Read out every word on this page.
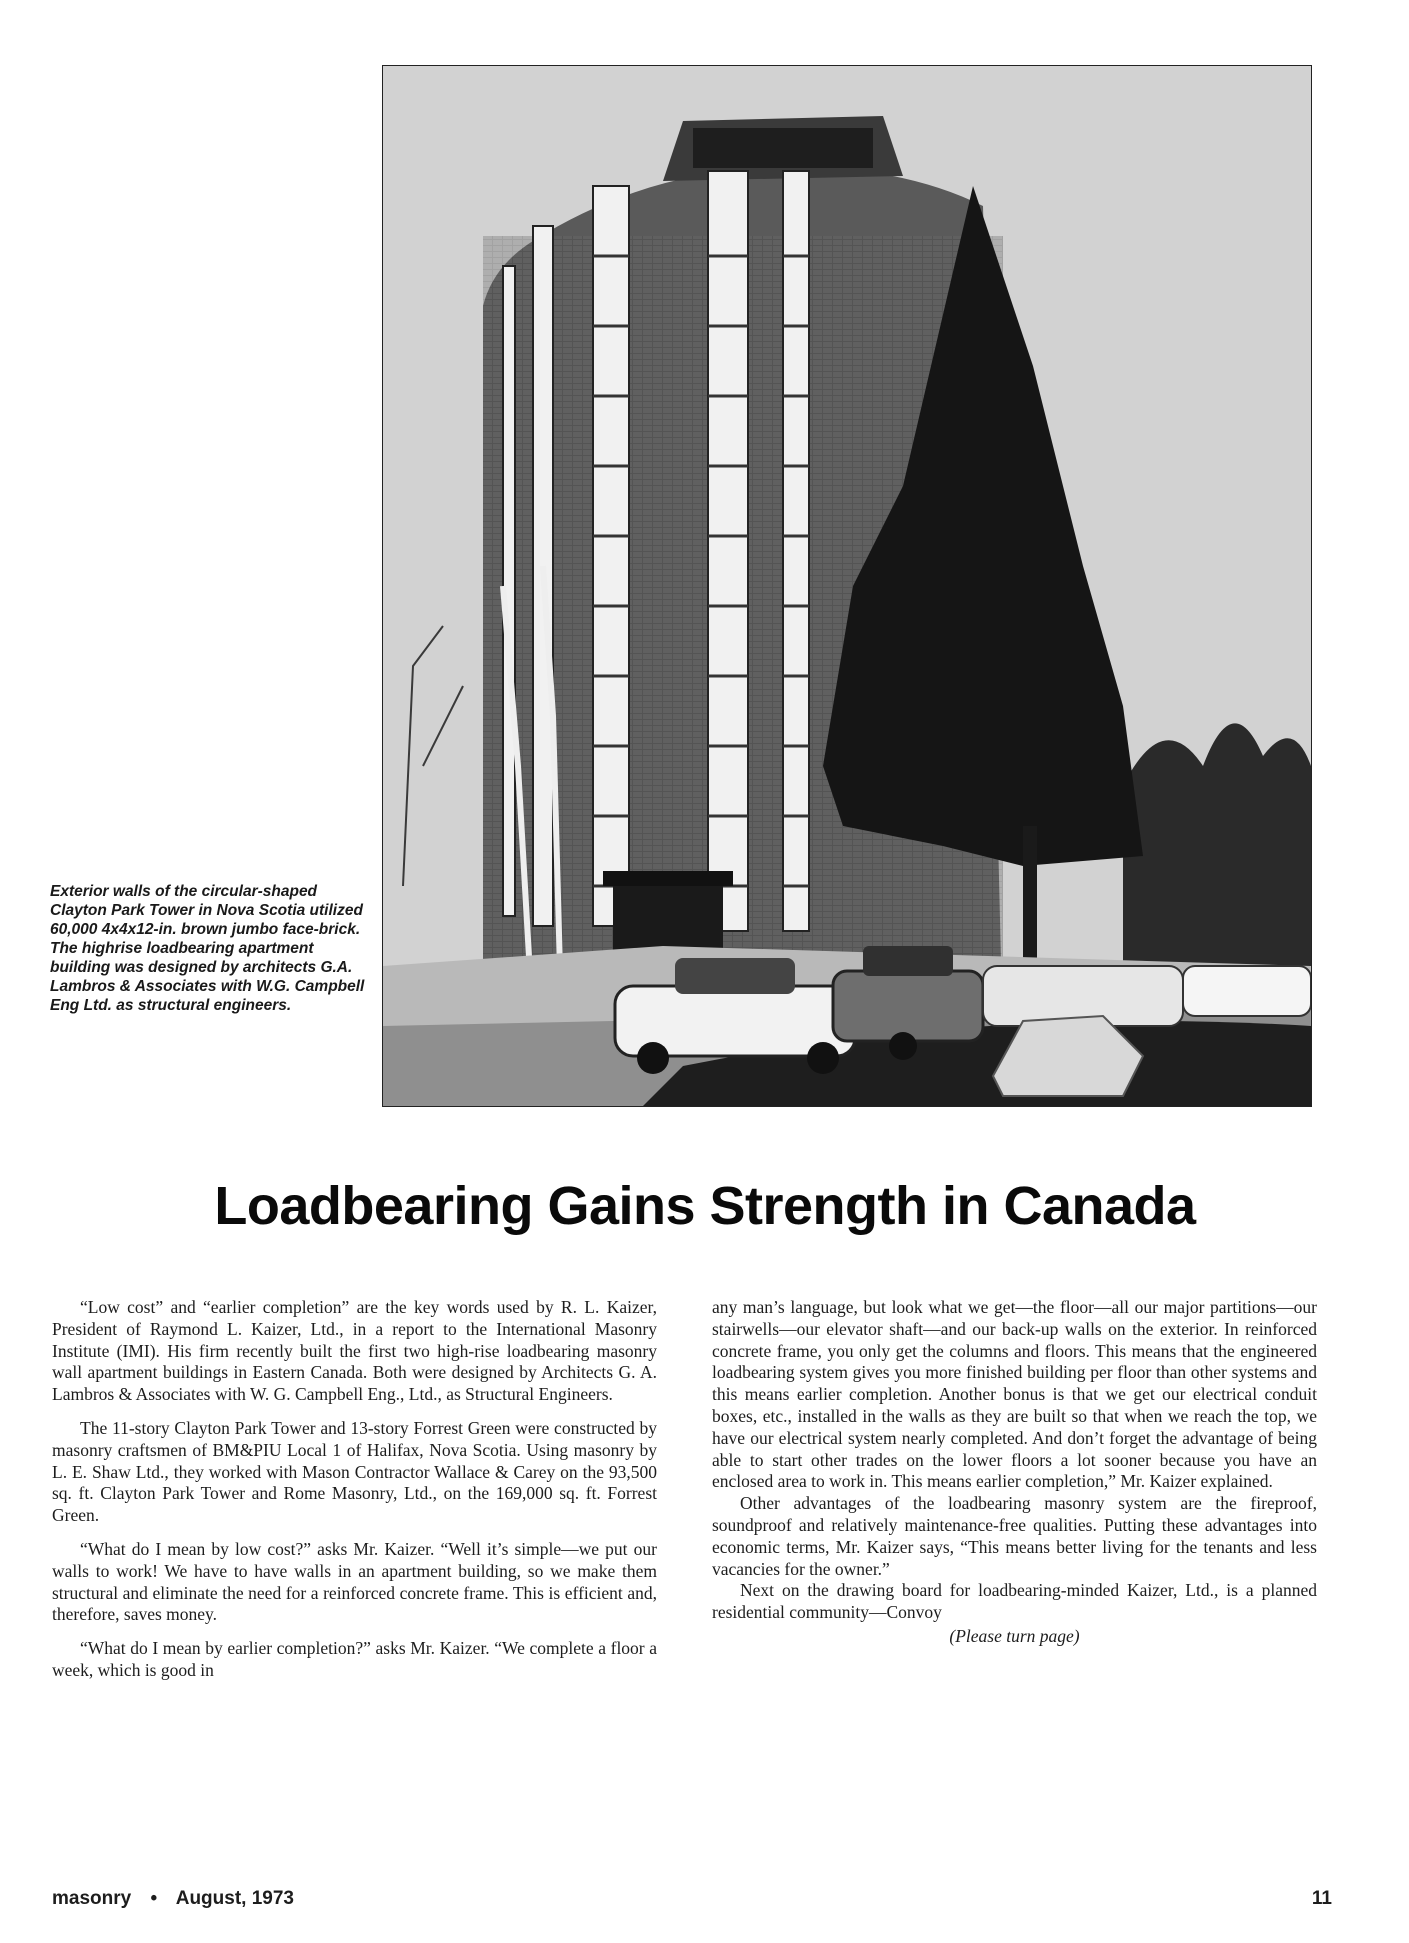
Exterior walls of the circular-shaped Clayton Park Tower in Nova Scotia utilized 60,000 4x4x12-in. brown jumbo face-brick. The highrise loadbearing apartment building was designed by architects G.A. Lambros & Associates with W.G. Campbell Eng Ltd. as structural engineers.

Loadbearing Gains Strength in Canada

“Low cost” and “earlier completion” are the key words used by R. L. Kaizer, President of Raymond L. Kaizer, Ltd., in a report to the International Masonry Institute (IMI). His firm recently built the first two high-rise loadbearing masonry wall apartment buildings in Eastern Canada. Both were designed by Architects G. A. Lambros & Associates with W. G. Campbell Eng., Ltd., as Structural Engineers.

The 11-story Clayton Park Tower and 13-story Forrest Green were constructed by masonry craftsmen of BM&PIU Local 1 of Halifax, Nova Scotia. Using masonry by L. E. Shaw Ltd., they worked with Mason Contractor Wallace & Carey on the 93,500 sq. ft. Clayton Park Tower and Rome Masonry, Ltd., on the 169,000 sq. ft. Forrest Green.

“What do I mean by low cost?” asks Mr. Kaizer. “Well it’s simple—we put our walls to work! We have to have walls in an apartment building, so we make them structural and eliminate the need for a reinforced concrete frame. This is efficient and, therefore, saves money.

“What do I mean by earlier completion?” asks Mr. Kaizer. “We complete a floor a week, which is good in

any man’s language, but look what we get—the floor—all our major partitions—our stairwells—our elevator shaft—and our back-up walls on the exterior. In reinforced concrete frame, you only get the columns and floors. This means that the engineered loadbearing system gives you more finished building per floor than other systems and this means earlier completion. Another bonus is that we get our electrical conduit boxes, etc., installed in the walls as they are built so that when we reach the top, we have our electrical system nearly completed. And don’t forget the advantage of being able to start other trades on the lower floors a lot sooner because you have an enclosed area to work in. This means earlier completion,” Mr. Kaizer explained.

Other advantages of the loadbearing masonry system are the fireproof, soundproof and relatively maintenance-free qualities. Putting these advantages into economic terms, Mr. Kaizer says, “This means better living for the tenants and less vacancies for the owner.”

Next on the drawing board for loadbearing-minded Kaizer, Ltd., is a planned residential community—Convoy

(Please turn page)
masonry • August, 1973	11
